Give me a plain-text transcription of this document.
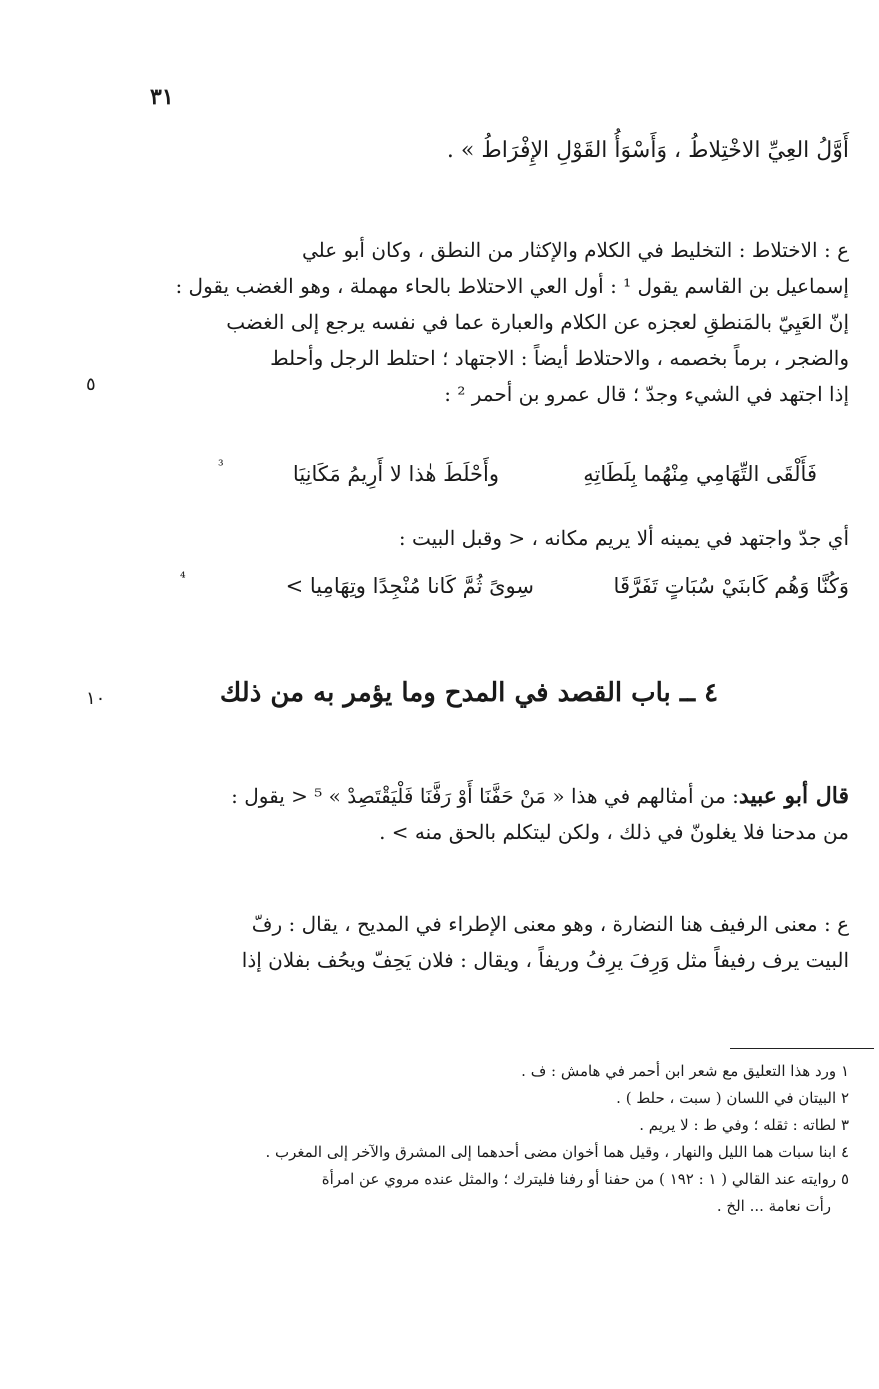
٣١
أَوَّلُ العِيِّ الاخْتِلاطُ ، وَأَسْوَأُ القَوْلِ الإِفْرَاطُ » .
ع : الاختلاط : التخليط في الكلام والإكثار من النطق ، وكان أبو علي
إسماعيل بن القاسم يقول ¹ : أول العي الاحتلاط بالحاء مهملة ، وهو الغضب يقول :
إنّ العَيِيّ بالمَنطقِ لعجزه عن الكلام والعبارة عما في نفسه يرجع إلى الغضب
والضجر ، برماً بخصمه ، والاحتلاط أيضاً : الاجتهاد ؛ احتلط الرجل وأحلط
إذا اجتهد في الشيء وجدّ ؛ قال عمرو بن أحمر ² :
٥
فَأَلْقَى التِّهَامِي مِنْهُما بِلَطَاتِهِ
وأَحْلَطَ هٰذا لا أَرِيمُ مَكَانِيَا
³
أي جدّ واجتهد في يمينه ألا يريم مكانه ، < وقبل البيت :
وَكُنَّا وَهُم كَابنَيْ سُبَاتٍ تَفَرَّقَا
سِوىً ثُمَّ كَانا مُنْجِدًا وتِهَامِيا >
⁴
١٠	٤ ــ باب القصد في المدح وما يؤمر به من ذلك
قال أبو عبيد: من أمثالهم في هذا « مَنْ حَفَّنَا أَوْ رَفَّنَا فَلْيَقْتَصِدْ » ⁵ < يقول :
من مدحنا فلا يغلونّ في ذلك ، ولكن ليتكلم بالحق منه > .
ع : معنى الرفيف هنا النضارة ، وهو معنى الإطراء في المديح ، يقال : رفّ
البيت يرف رفيفاً مثل وَرِفَ يرِفُ وريفاً ، ويقال : فلان يَحِفّ ويحُف بفلان إذا
١ ورد هذا التعليق مع شعر ابن أحمر في هامش : ف .
٢ البيتان في اللسان ( سبت ، حلط ) .
٣ لطاته : ثقله ؛ وفي ط : لا يريم .
٤ ابنا سبات هما الليل والنهار ، وقيل هما أخوان مضى أحدهما إلى المشرق والآخر إلى المغرب .
٥ روايته عند القالي ( ١ : ١٩٢ ) من حفنا أو رفنا فليترك ؛ والمثل عنده مروي عن امرأة
رأت نعامة ... الخ .
